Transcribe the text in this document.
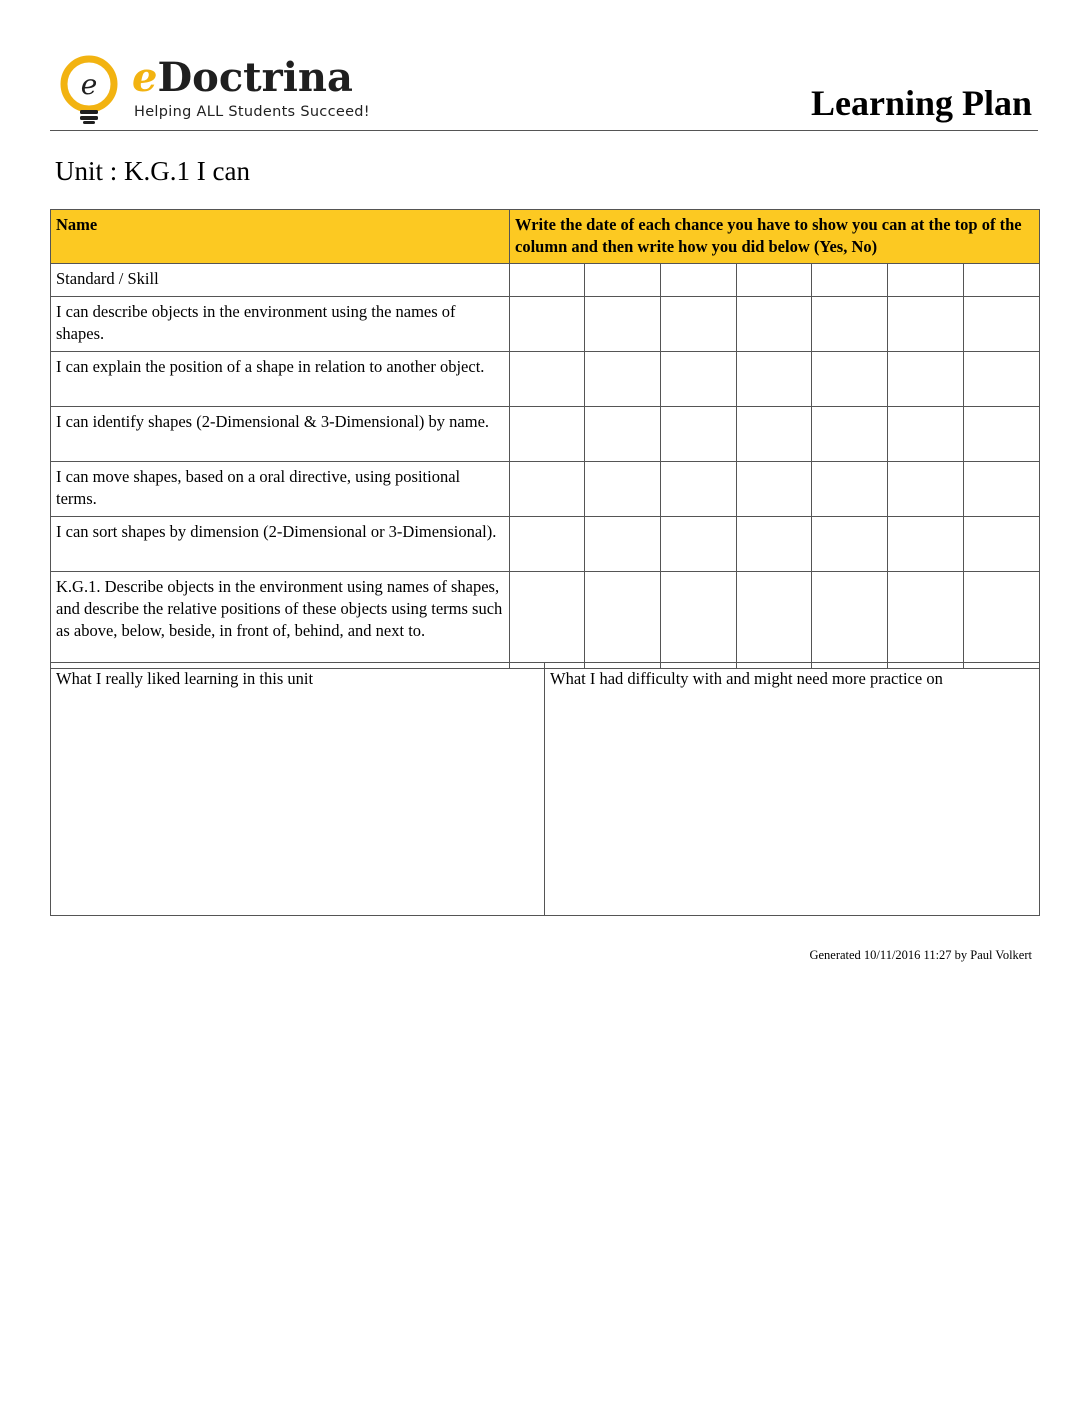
e eDoctrina
Helping ALL Students Succeed!	Learning Plan
Unit : K.G.1 I can
Name	Write the date of each chance you have to show you can at the top of the column and then write how you did below (Yes, No)						
Standard / Skill							
I can describe objects in the environment using the names of shapes.							
I can explain the position of a shape in relation to another object.							
I can identify shapes (2-Dimensional & 3-Dimensional) by name.							
I can move shapes, based on a oral directive, using positional terms.							
I can sort shapes by dimension (2-Dimensional or 3-Dimensional).							
K.G.1. Describe objects in the environment using names of shapes, and describe the relative positions of these objects using terms such as above, below, beside, in front of, behind, and next to.							
What I really liked learning in this unit	What I had difficulty with and might need more practice on
Generated 10/11/2016 11:27 by Paul Volkert
